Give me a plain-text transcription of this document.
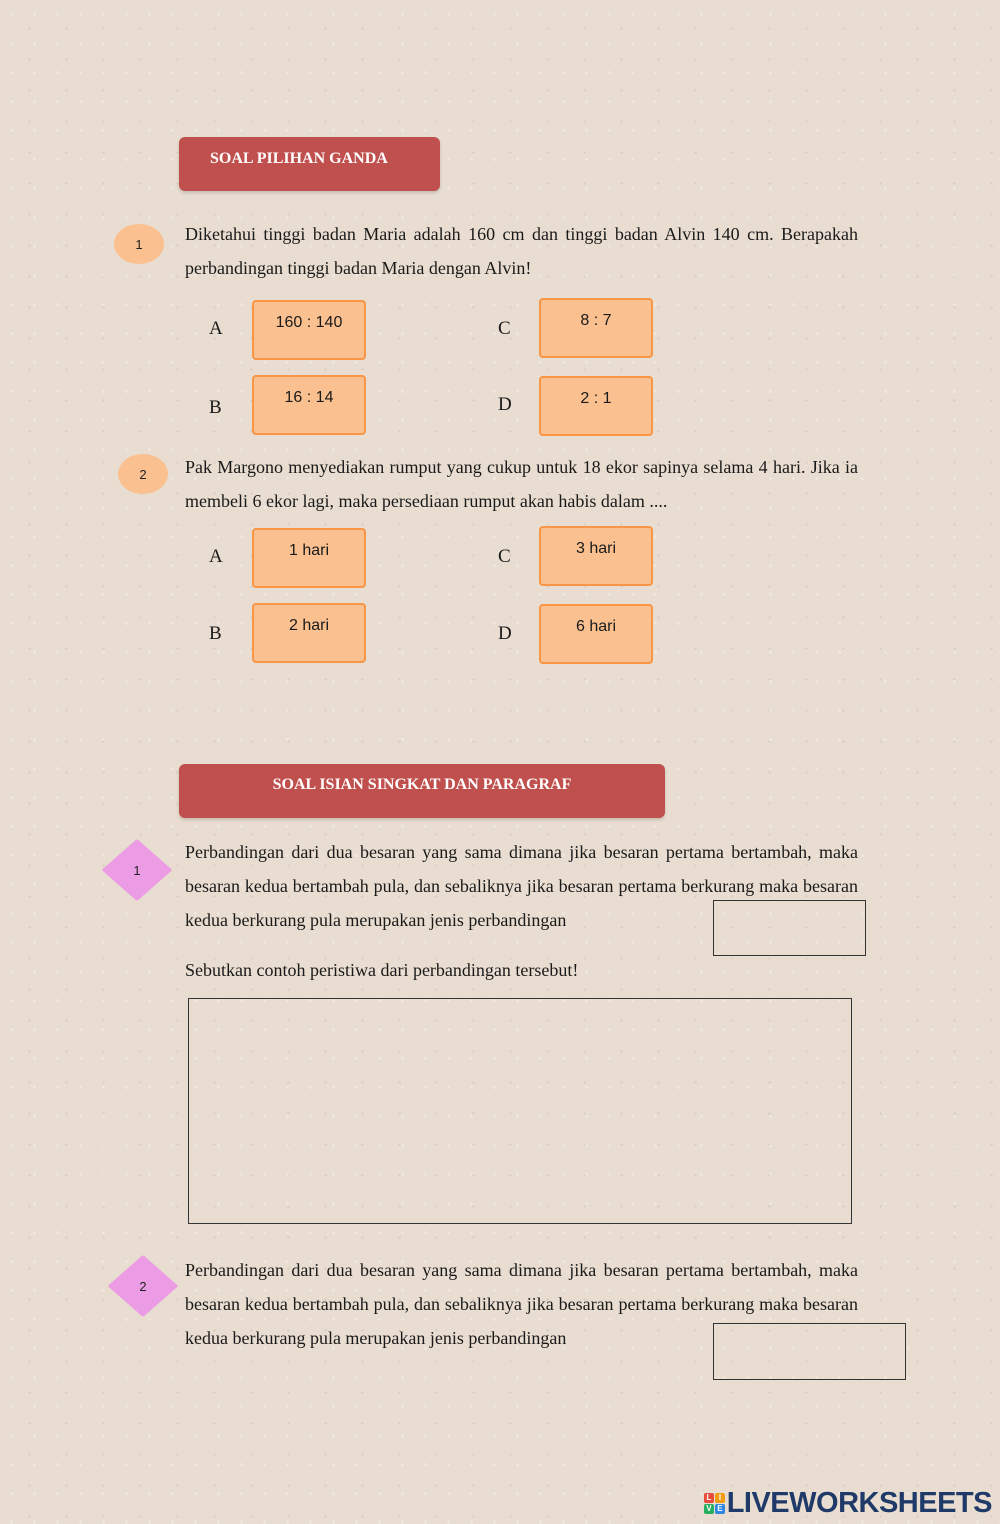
SOAL PILIHAN GANDA
1 Diketahui tinggi badan Maria adalah 160 cm dan tinggi badan Alvin 140 cm. Berapakah perbandingan tinggi badan Maria dengan Alvin!
A	160 : 140
B	16 : 14
C	8 : 7
D	2 : 1
2 Pak Margono menyediakan rumput yang cukup untuk 18 ekor sapinya selama 4 hari. Jika ia membeli 6 ekor lagi, maka persediaan rumput akan habis dalam ....
A	1 hari
B	2 hari
C	3 hari
D	6 hari
SOAL ISIAN SINGKAT DAN PARAGRAF
1
Perbandingan dari dua besaran yang sama dimana jika besaran pertama bertambah, maka besaran kedua bertambah pula, dan sebaliknya jika besaran pertama berkurang maka besaran kedua berkurang pula merupakan jenis perbandingan
Sebutkan contoh peristiwa dari perbandingan tersebut!
2
Perbandingan dari dua besaran yang sama dimana jika besaran pertama bertambah, maka besaran kedua bertambah pula, dan sebaliknya jika besaran pertama berkurang maka besaran kedua berkurang pula merupakan jenis perbandingan
L I
V E LIVEWORKSHEETS
